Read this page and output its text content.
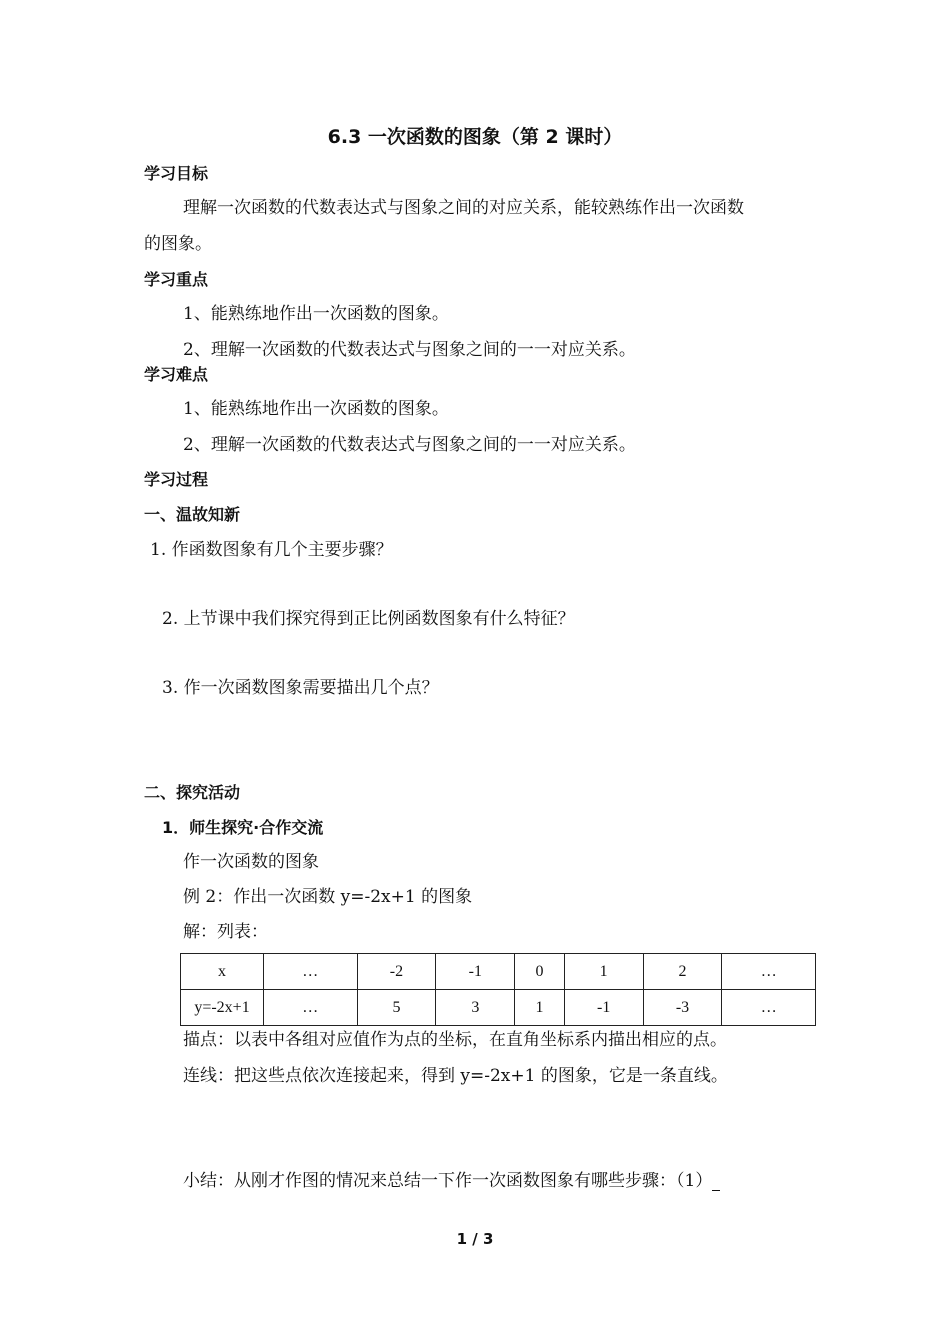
6.3 一次函数的图象（第 2 课时）
学习目标
理解一次函数的代数表达式与图象之间的对应关系，能较熟练作出一次函数
的图象。
学习重点
1、能熟练地作出一次函数的图象。
2、理解一次函数的代数表达式与图象之间的一一对应关系。
学习难点
1、能熟练地作出一次函数的图象。
2、理解一次函数的代数表达式与图象之间的一一对应关系。
学习过程
一、温故知新
1. 作函数图象有几个主要步骤？
2. 上节课中我们探究得到正比例函数图象有什么特征？
3. 作一次函数图象需要描出几个点？
二、探究活动
1．师生探究·合作交流
作一次函数的图象
例 2：作出一次函数 y=-2x+1 的图象
解：列表：
x	…	-2	-1	0	1	2	…
y=-2x+1	…	5	3	1	-1	-3	…
描点：以表中各组对应值作为点的坐标，在直角坐标系内描出相应的点。
连线：把这些点依次连接起来，得到 y=-2x+1 的图象，它是一条直线。
小结：从刚才作图的情况来总结一下作一次函数图象有哪些步骤：（1）
1 / 3
